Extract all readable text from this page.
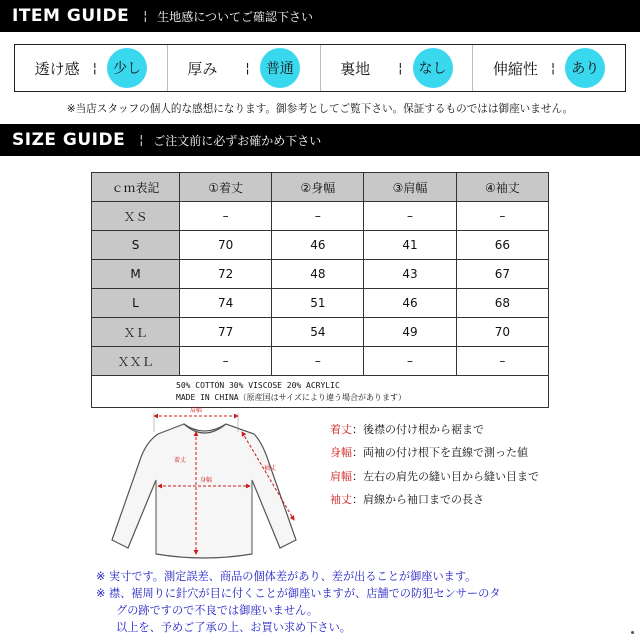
ITEM GUIDE ¦ 生地感についてご確認下さい
透け感 ¦	少し	厚み	¦	普通	裏地	¦	なし	伸縮性 ¦	あり
※当店スタッフの個人的な感想になります。御参考としてご覧下さい。保証するものではは御座いません。
SIZE GUIDE ¦ ご注文前に必ずお確かめ下さい
ｃｍ表記	①着丈	②身幅	③肩幅	④袖丈
ＸＳ	–	–	–	–
S	70	46	41	66
M	72	48	43	67
L	74	51	46	68
ＸＬ	77	54	49	70
ＸＸＬ	–	–	–	–

50% COTTON 30% VISCOSE 20% ACRYLIC
MADE IN CHINA（原産国はサイズにより違う場合があります）				
肩幅
着丈
身幅
袖丈
着丈 ：後襟の付け根から裾まで
身幅 ：両袖の付け根下を直線で測った値
肩幅 ：左右の肩先の縫い目から縫い目まで
袖丈 ：肩線から袖口までの長さ
※ 実寸です。測定誤差、商品の個体差があり、差が出ることが御座います。
※ 襟、裾周りに針穴が目に付くことが御座いますが、店舗での防犯センサーのタ
グの跡ですので不良では御座いません。
以上を、予めご了承の上、お買い求め下さい。
